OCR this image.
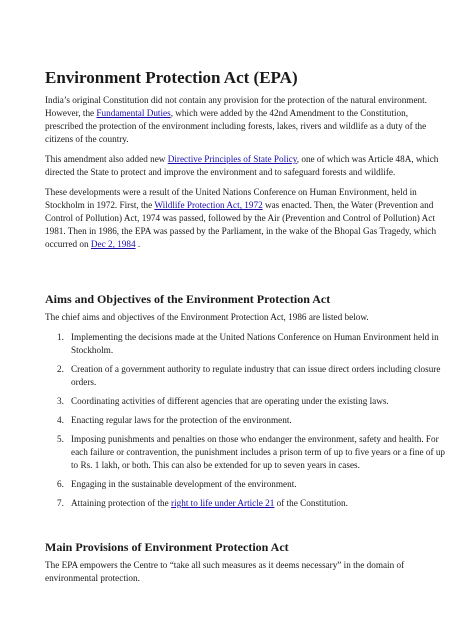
Environment Protection Act (EPA)

India’s original Constitution did not contain any provision for the protection of the natural environment. However, the Fundamental Duties, which were added by the 42nd Amendment to the Constitution, prescribed the protection of the environment including forests, lakes, rivers and wildlife as a duty of the citizens of the country.

This amendment also added new Directive Principles of State Policy, one of which was Article 48A, which directed the State to protect and improve the environment and to safeguard forests and wildlife.

These developments were a result of the United Nations Conference on Human Environment, held in Stockholm in 1972. First, the Wildlife Protection Act, 1972 was enacted. Then, the Water (Prevention and Control of Pollution) Act, 1974 was passed, followed by the Air (Prevention and Control of Pollution) Act 1981. Then in 1986, the EPA was passed by the Parliament, in the wake of the Bhopal Gas Tragedy, which occurred on Dec 2, 1984 .

Aims and Objectives of the Environment Protection Act

The chief aims and objectives of the Environment Protection Act, 1986 are listed below.

1. Implementing the decisions made at the United Nations Conference on Human Environment held in Stockholm.
2. Creation of a government authority to regulate industry that can issue direct orders including closure orders.
3. Coordinating activities of different agencies that are operating under the existing laws.
4. Enacting regular laws for the protection of the environment.
5. Imposing punishments and penalties on those who endanger the environment, safety and health. For each failure or contravention, the punishment includes a prison term of up to five years or a fine of up to Rs. 1 lakh, or both. This can also be extended for up to seven years in cases.
6. Engaging in the sustainable development of the environment.
7. Attaining protection of the right to life under Article 21 of the Constitution.
Main Provisions of Environment Protection Act

The EPA empowers the Centre to “take all such measures as it deems necessary” in the domain of environmental protection.
